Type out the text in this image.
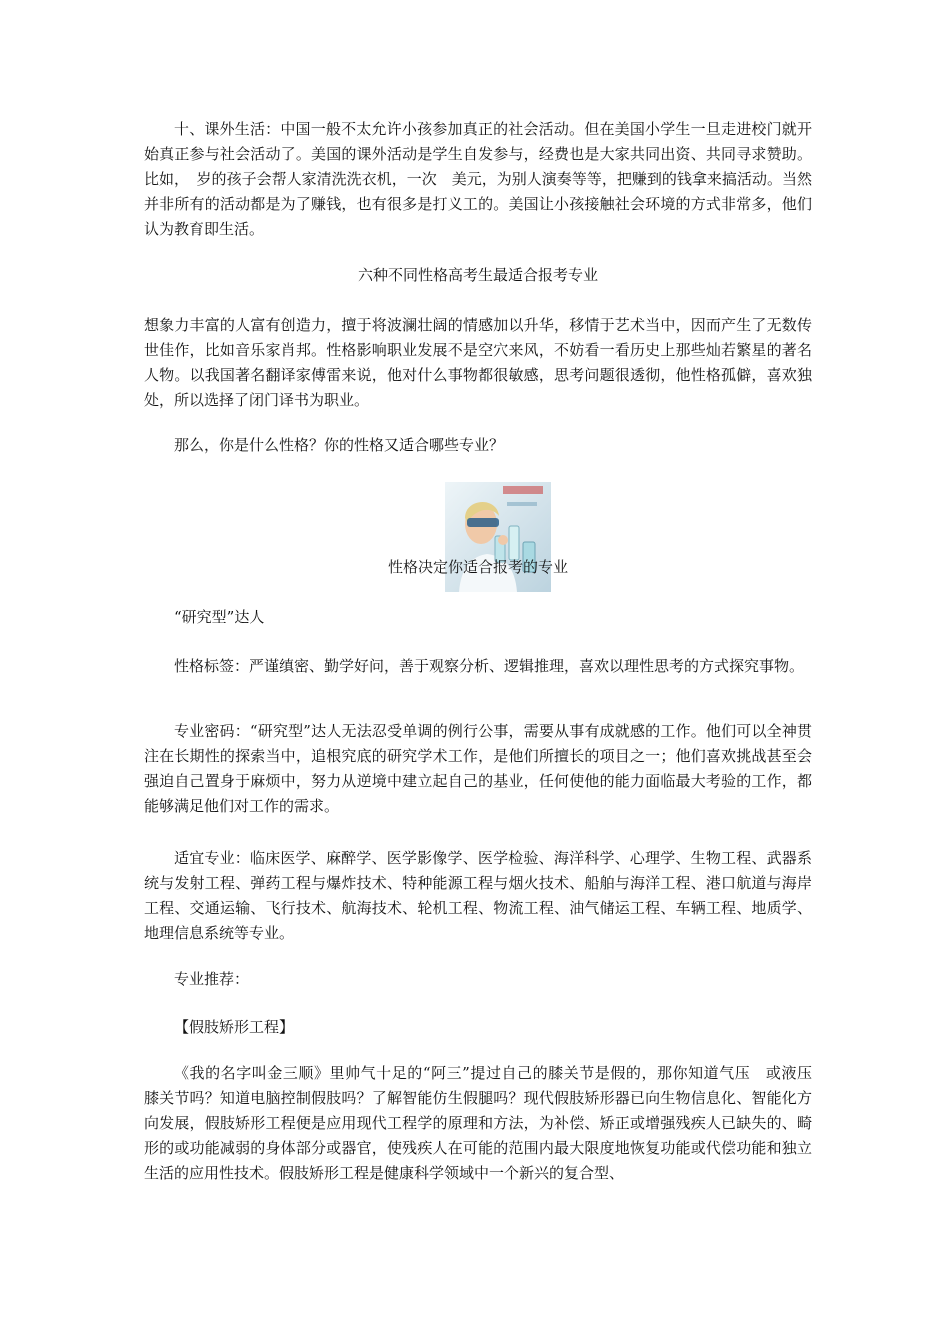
十、课外生活：中国一般不太允许小孩参加真正的社会活动。但在美国小学生一旦走进校门就开始真正参与社会活动了。美国的课外活动是学生自发参与，经费也是大家共同出资、共同寻求赞助。比如，　岁的孩子会帮人家清洗洗衣机，一次　美元，为别人演奏等等，把赚到的钱拿来搞活动。当然并非所有的活动都是为了赚钱，也有很多是打义工的。美国让小孩接触社会环境的方式非常多，他们认为教育即生活。

六种不同性格高考生最适合报考专业

想象力丰富的人富有创造力，擅于将波澜壮阔的情感加以升华，移情于艺术当中，因而产生了无数传世佳作，比如音乐家肖邦。性格影响职业发展不是空穴来风，不妨看一看历史上那些灿若繁星的著名人物。以我国著名翻译家傅雷来说，他对什么事物都很敏感，思考问题很透彻，他性格孤僻，喜欢独处，所以选择了闭门译书为职业。

那么，你是什么性格？你的性格又适合哪些专业？

性格决定你适合报考的专业

“研究型”达人

性格标签：严谨缜密、勤学好问，善于观察分析、逻辑推理，喜欢以理性思考的方式探究事物。

专业密码：“研究型”达人无法忍受单调的例行公事，需要从事有成就感的工作。他们可以全神贯注在长期性的探索当中，追根究底的研究学术工作，是他们所擅长的项目之一；他们喜欢挑战甚至会强迫自己置身于麻烦中，努力从逆境中建立起自己的基业，任何使他的能力面临最大考验的工作，都能够满足他们对工作的需求。

适宜专业：临床医学、麻醉学、医学影像学、医学检验、海洋科学、心理学、生物工程、武器系统与发射工程、弹药工程与爆炸技术、特种能源工程与烟火技术、船舶与海洋工程、港口航道与海岸工程、交通运输、飞行技术、航海技术、轮机工程、物流工程、油气储运工程、车辆工程、地质学、地理信息系统等专业。

专业推荐：

【假肢矫形工程】

《我的名字叫金三顺》里帅气十足的“阿三”提过自己的膝关节是假的，那你知道气压　或液压　膝关节吗？知道电脑控制假肢吗？了解智能仿生假腿吗？现代假肢矫形器已向生物信息化、智能化方向发展，假肢矫形工程便是应用现代工程学的原理和方法，为补偿、矫正或增强残疾人已缺失的、畸形的或功能减弱的身体部分或器官，使残疾人在可能的范围内最大限度地恢复功能或代偿功能和独立生活的应用性技术。假肢矫形工程是健康科学领域中一个新兴的复合型、
